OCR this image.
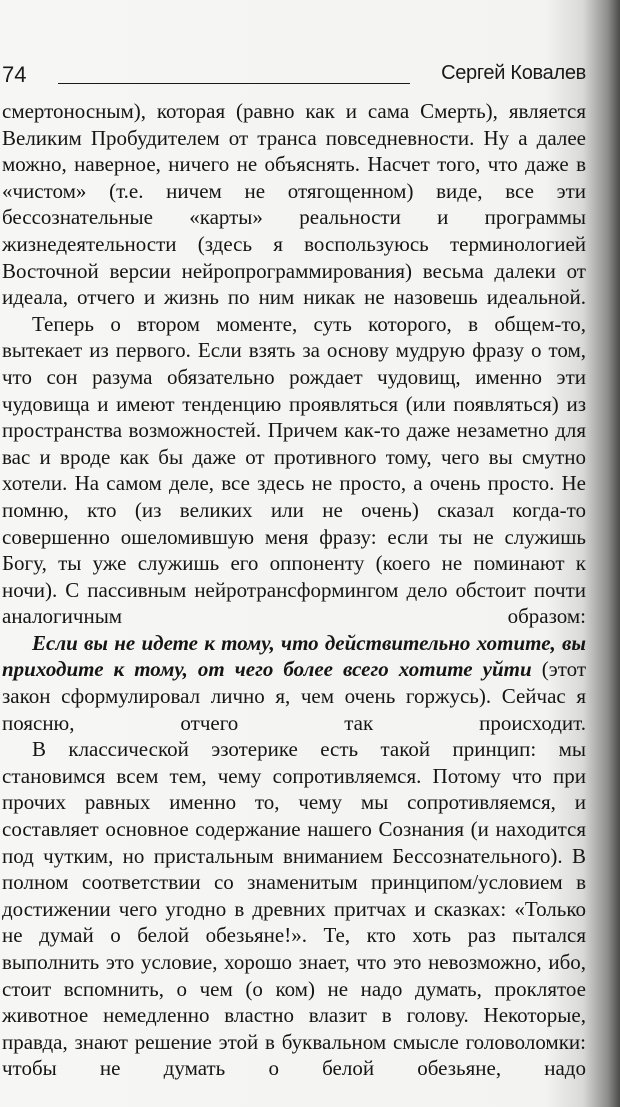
74	Сергей Ковалев

смертоносным), которая (равно как и сама Смерть), является Великим Пробудителем от транса повседневности. Ну а далее можно, наверное, ничего не объяснять. Насчет того, что даже в «чистом» (т.е. ничем не отягощенном) виде, все эти бессознательные «карты» реальности и программы жизнедеятельности (здесь я воспользуюсь терминологией Восточной версии нейропрограммирования) весьма далеки от идеала, отчего и жизнь по ним никак не назовешь идеальной.

Теперь о втором моменте, суть которого, в общем-то, вытекает из первого. Если взять за основу мудрую фразу о том, что сон разума обязательно рождает чудовищ, именно эти чудовища и имеют тенденцию проявляться (или появляться) из пространства возможностей. Причем как-то даже незаметно для вас и вроде как бы даже от противного тому, чего вы смутно хотели. На самом деле, все здесь не просто, а очень просто. Не помню, кто (из великих или не очень) сказал когда-то совершенно ошеломившую меня фразу: если ты не служишь Богу, ты уже служишь его оппоненту (коего не поминают к ночи). С пассивным нейротрансформингом дело обстоит почти аналогичным образом:

Если вы не идете к тому, что действительно хотите, вы приходите к тому, от чего более всего хотите уйти (этот закон сформулировал лично я, чем очень горжусь). Сейчас я поясню, отчего так происходит.

В классической эзотерике есть такой принцип: мы становимся всем тем, чему сопротивляемся. Потому что при прочих равных именно то, чему мы сопротивляемся, и составляет основное содержание нашего Сознания (и находится под чутким, но пристальным вниманием Бессознательного). В полном соответствии со знаменитым принципом/условием в достижении чего угодно в древних притчах и сказках: «Только не думай о белой обезьяне!». Те, кто хоть раз пытался выполнить это условие, хорошо знает, что это невозможно, ибо, стоит вспомнить, о чем (о ком) не надо думать, проклятое животное немедленно властно влазит в голову. Некоторые, правда, знают решение этой в буквальном смысле головоломки: чтобы не думать о белой обезьяне, надо
